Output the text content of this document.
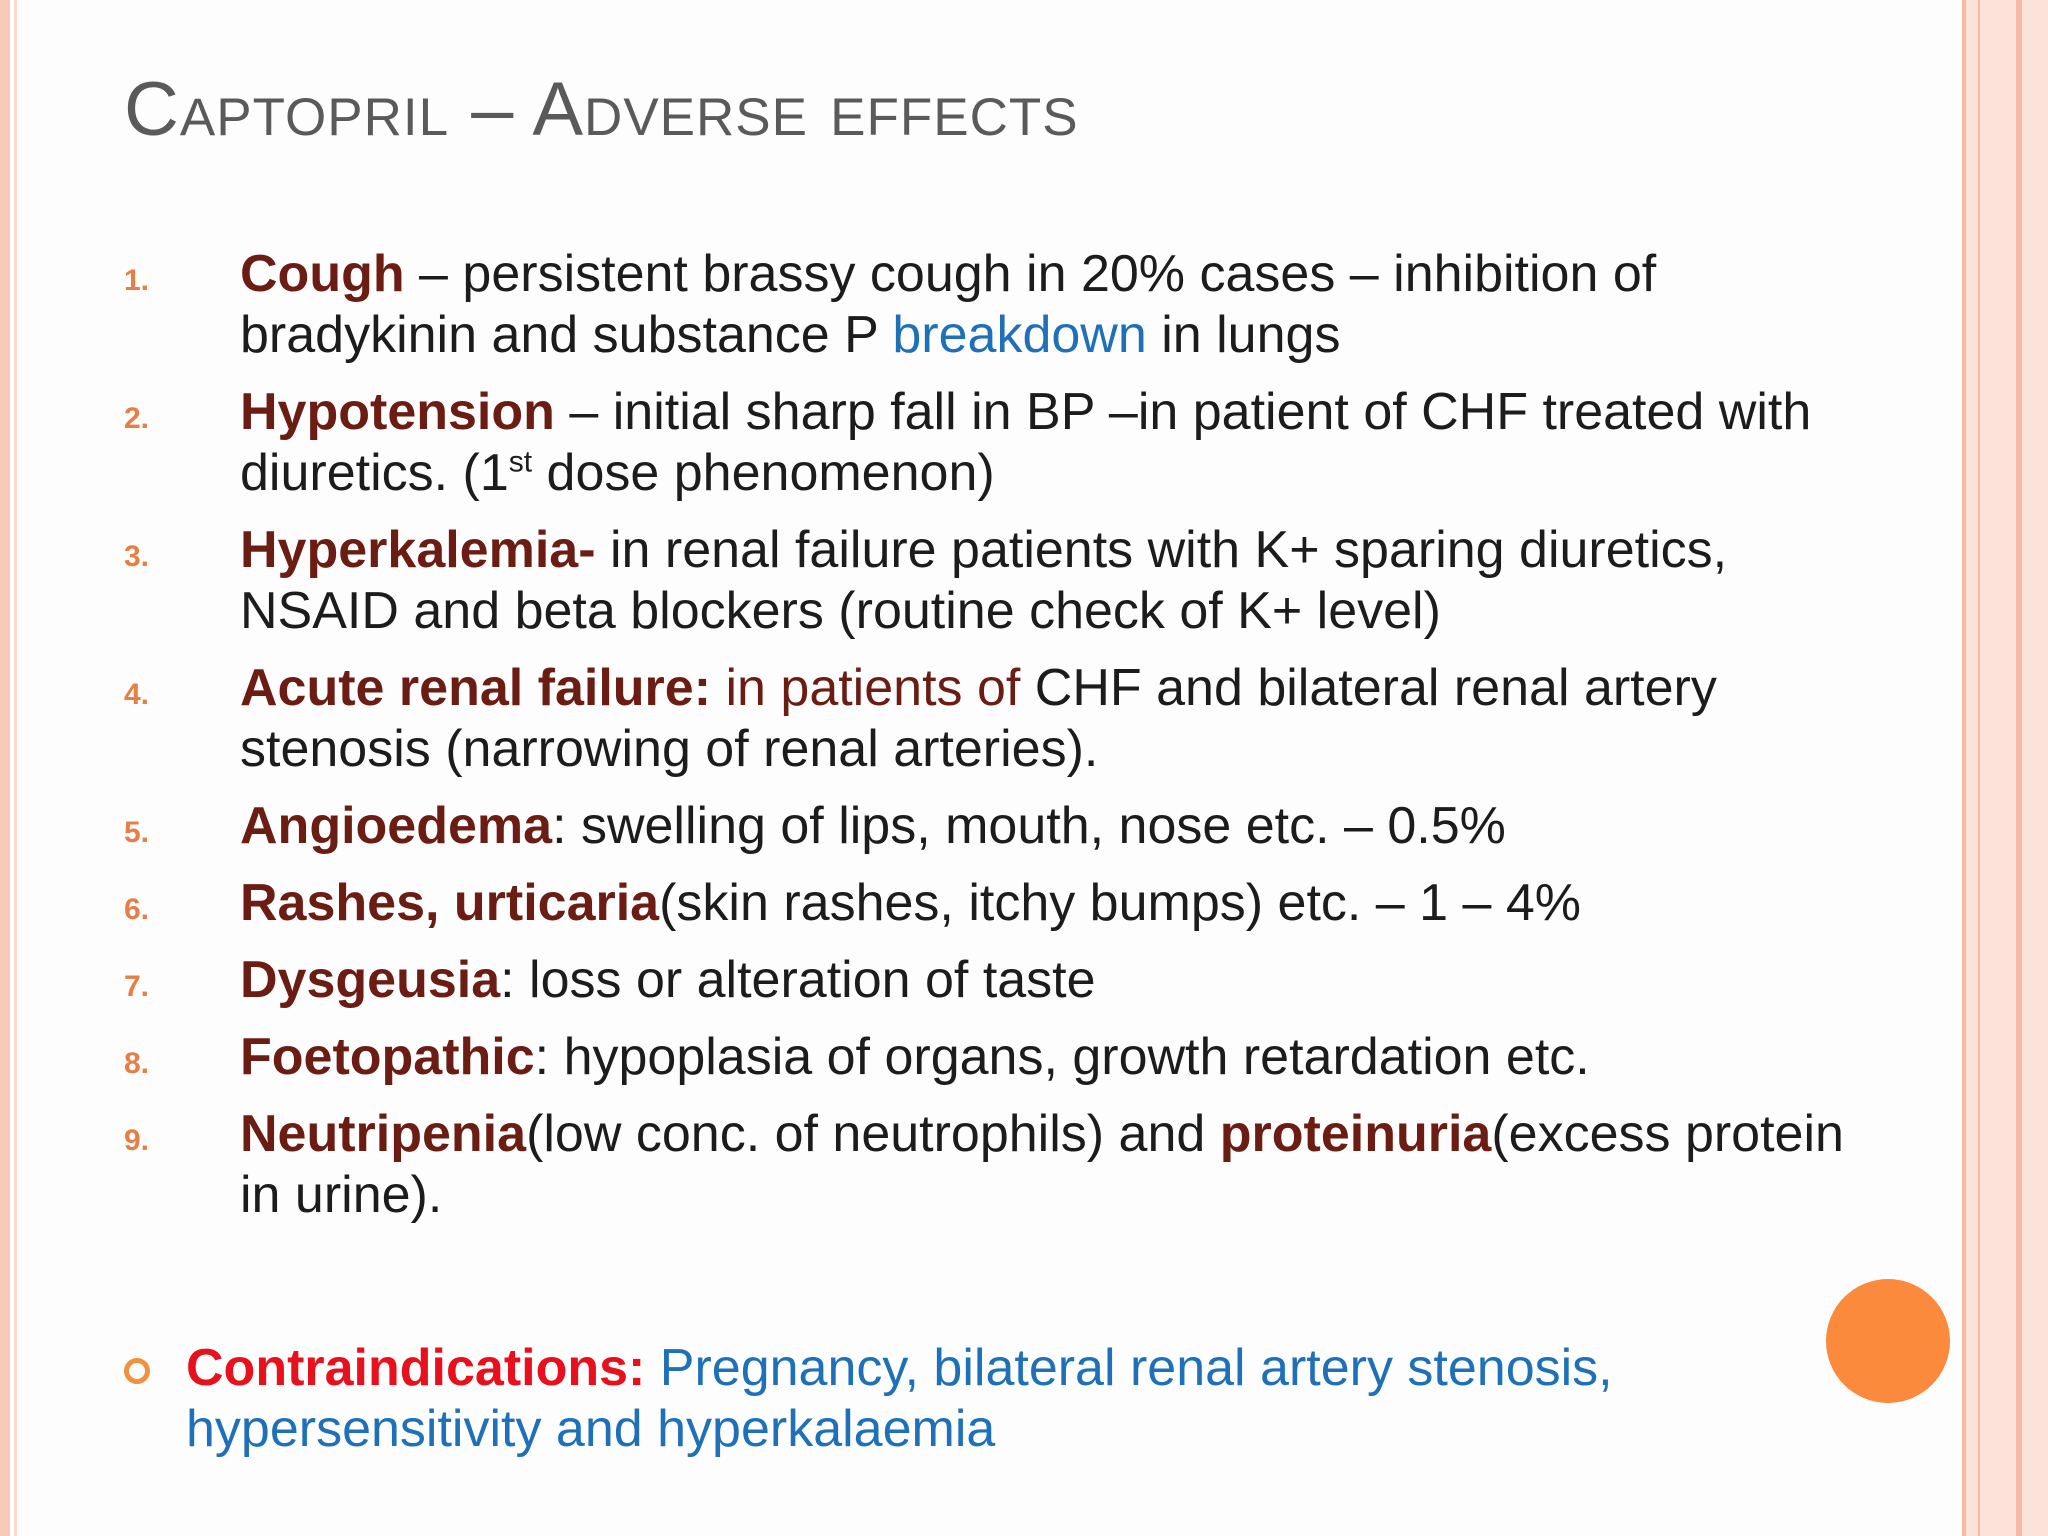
Captopril – Adverse effects
1. Cough – persistent brassy cough in 20% cases – inhibition of bradykinin and substance P breakdown in lungs
2. Hypotension – initial sharp fall in BP –in patient of CHF treated with diuretics. (1st dose phenomenon)
3. Hyperkalemia- in renal failure patients with K+ sparing diuretics, NSAID and beta blockers (routine check of K+ level)
4. Acute renal failure: in patients of CHF and bilateral renal artery stenosis (narrowing of renal arteries).
5. Angioedema: swelling of lips, mouth, nose etc. – 0.5%
6. Rashes, urticaria(skin rashes, itchy bumps) etc. – 1 – 4%
7. Dysgeusia: loss or alteration of taste
8. Foetopathic: hypoplasia of organs, growth retardation etc.
9. Neutripenia(low conc. of neutrophils) and proteinuria(excess protein in urine).
Contraindications: Pregnancy, bilateral renal artery stenosis, hypersensitivity and hyperkalaemia
